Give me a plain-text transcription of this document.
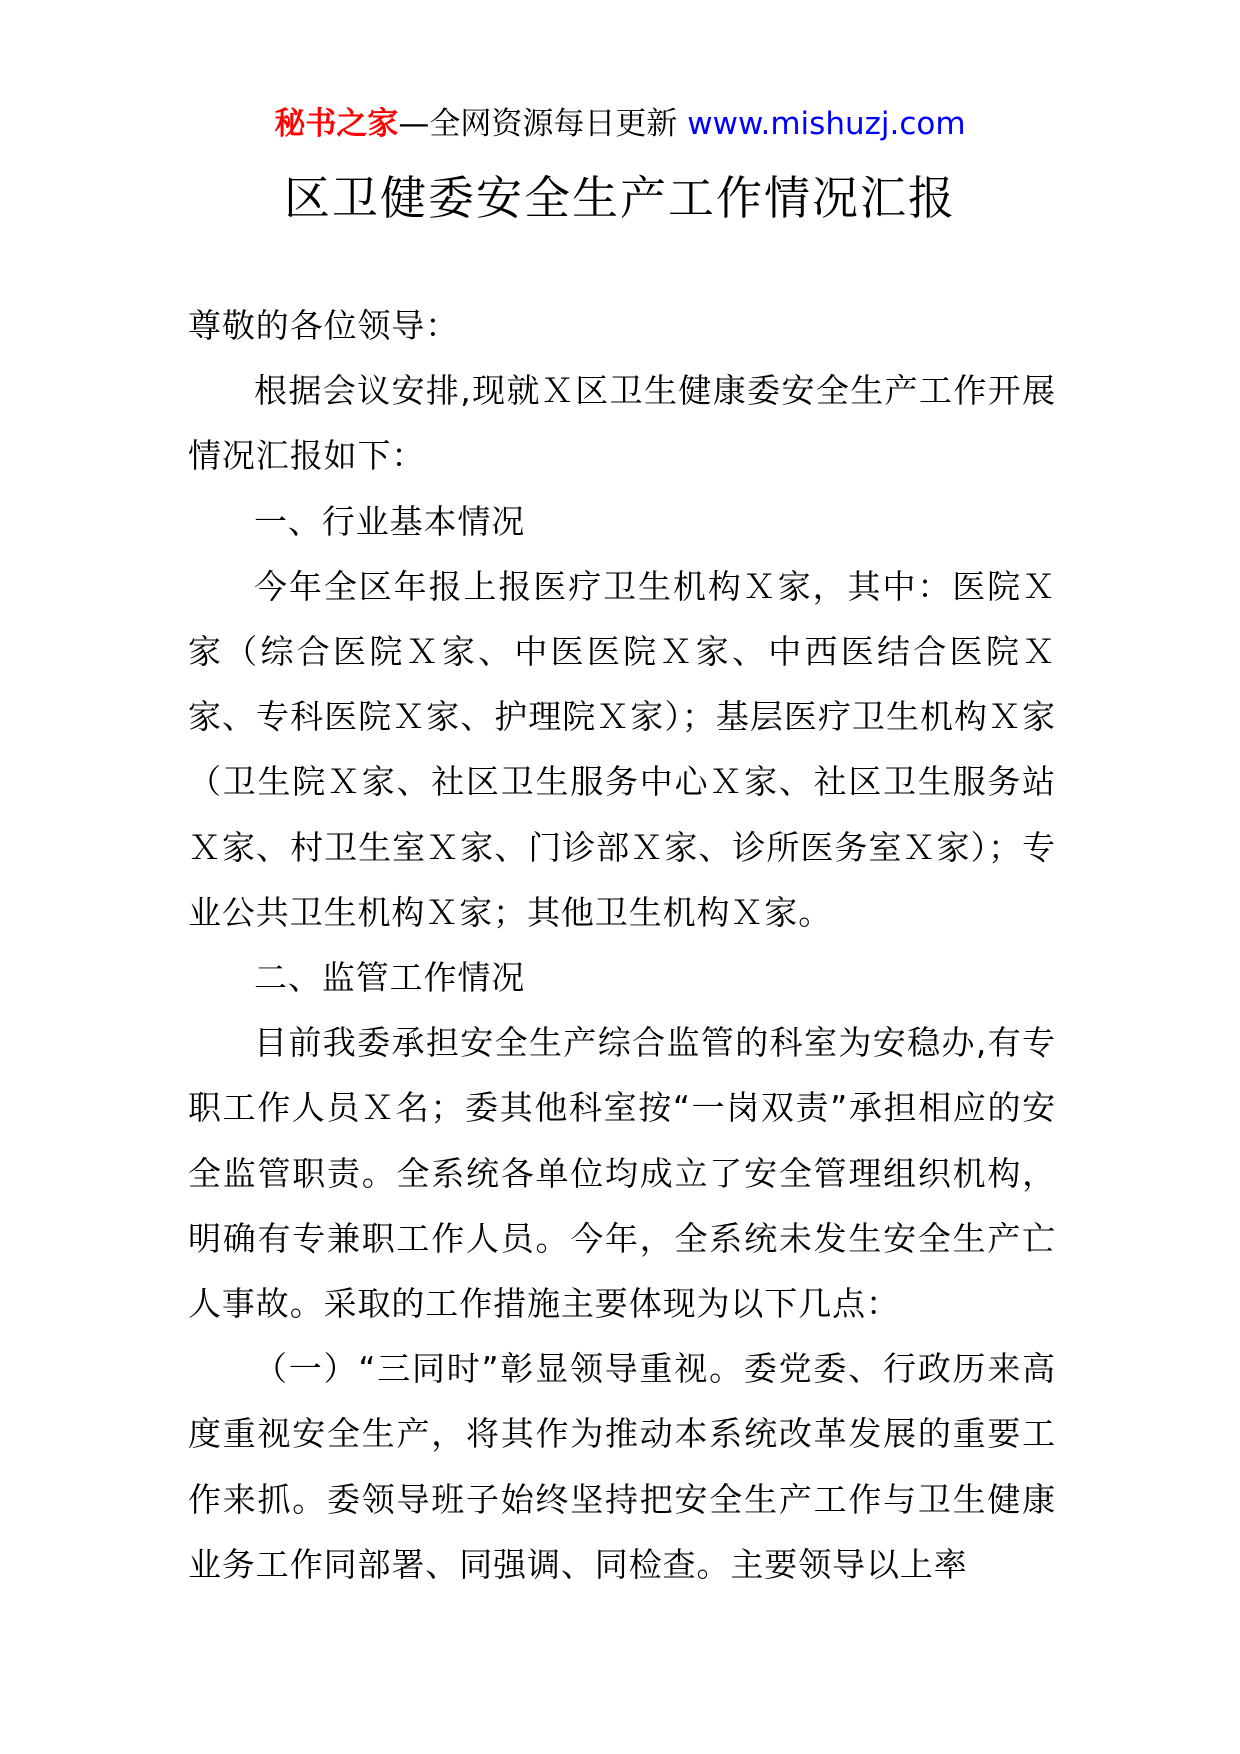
秘书之家—全网资源每日更新 www.mishuzj.com
区卫健委安全生产工作情况汇报

尊敬的各位领导：

根据会议安排,现就Ｘ区卫生健康委安全生产工作开展情况汇报如下：

一、行业基本情况

今年全区年报上报医疗卫生机构Ｘ家，其中：医院Ｘ家（综合医院Ｘ家、中医医院Ｘ家、中西医结合医院Ｘ家、专科医院Ｘ家、护理院Ｘ家）；基层医疗卫生机构Ｘ家（卫生院Ｘ家、社区卫生服务中心Ｘ家、社区卫生服务站Ｘ家、村卫生室Ｘ家、门诊部Ｘ家、诊所医务室Ｘ家）；专业公共卫生机构Ｘ家；其他卫生机构Ｘ家。

二、监管工作情况

目前我委承担安全生产综合监管的科室为安稳办,有专职工作人员Ｘ名；委其他科室按“一岗双责”承担相应的安全监管职责。全系统各单位均成立了安全管理组织机构，明确有专兼职工作人员。今年，全系统未发生安全生产亡人事故。采取的工作措施主要体现为以下几点：

（一）“三同时”彰显领导重视。委党委、行政历来高度重视安全生产，将其作为推动本系统改革发展的重要工作来抓。委领导班子始终坚持把安全生产工作与卫生健康业务工作同部署、同强调、同检查。主要领导以上率
